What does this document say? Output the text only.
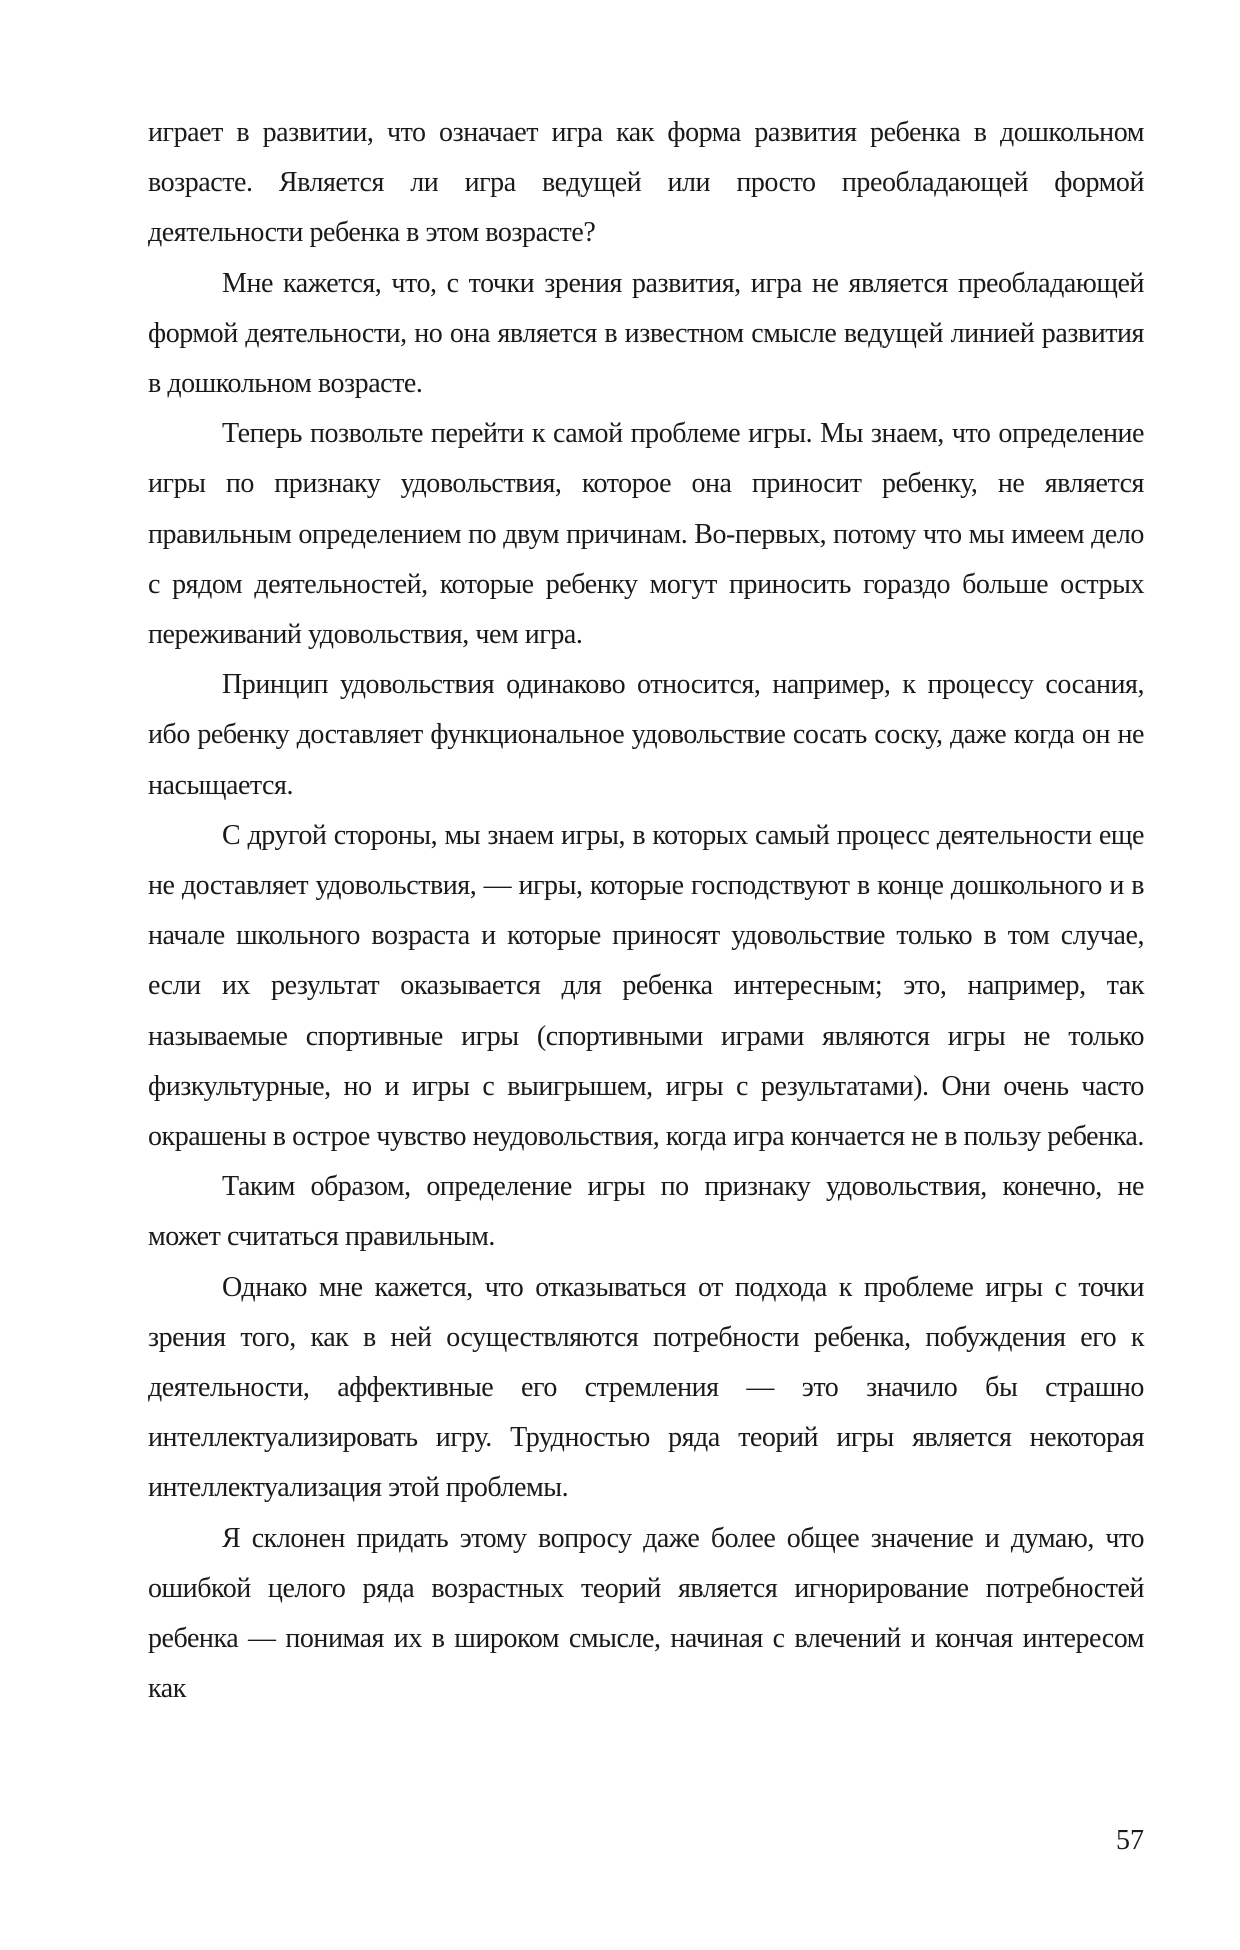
играет в развитии, что означает игра как форма развития ребенка в дошкольном возрасте. Является ли игра ведущей или просто преобладающей формой деятельности ребенка в этом возрасте?

Мне кажется, что, с точки зрения развития, игра не является преобладающей формой деятельности, но она является в известном смысле ведущей линией развития в дошкольном возрасте.

Теперь позвольте перейти к самой проблеме игры. Мы знаем, что определение игры по признаку удовольствия, которое она приносит ребенку, не является правильным определением по двум причинам. Во-первых, потому что мы имеем дело с рядом деятельностей, которые ребенку могут приносить гораздо больше острых переживаний удовольствия, чем игра.

Принцип удовольствия одинаково относится, например, к процессу сосания, ибо ребенку доставляет функциональное удовольствие сосать соску, даже когда он не насыщается.

С другой стороны, мы знаем игры, в которых самый процесс деятельности еще не доставляет удовольствия, — игры, которые господствуют в конце дошкольного и в начале школьного возраста и которые приносят удовольствие только в том случае, если их результат оказывается для ребенка интересным; это, например, так называемые спортивные игры (спортивными играми являются игры не только физкультурные, но и игры с выигрышем, игры с результатами). Они очень часто окрашены в острое чувство неудовольствия, когда игра кончается не в пользу ребенка.

Таким образом, определение игры по признаку удовольствия, конечно, не может считаться правильным.

Однако мне кажется, что отказываться от подхода к проблеме игры с точки зрения того, как в ней осуществляются потребности ребенка, побуждения его к деятельности, аффективные его стремления — это значило бы страшно интеллектуализировать игру. Трудностью ряда теорий игры является некоторая интеллектуализация этой проблемы.

Я склонен придать этому вопросу даже более общее значение и думаю, что ошибкой целого ряда возрастных теорий является игнорирование потребностей ребенка — понимая их в широком смысле, начиная с влечений и кончая интересом как

57
